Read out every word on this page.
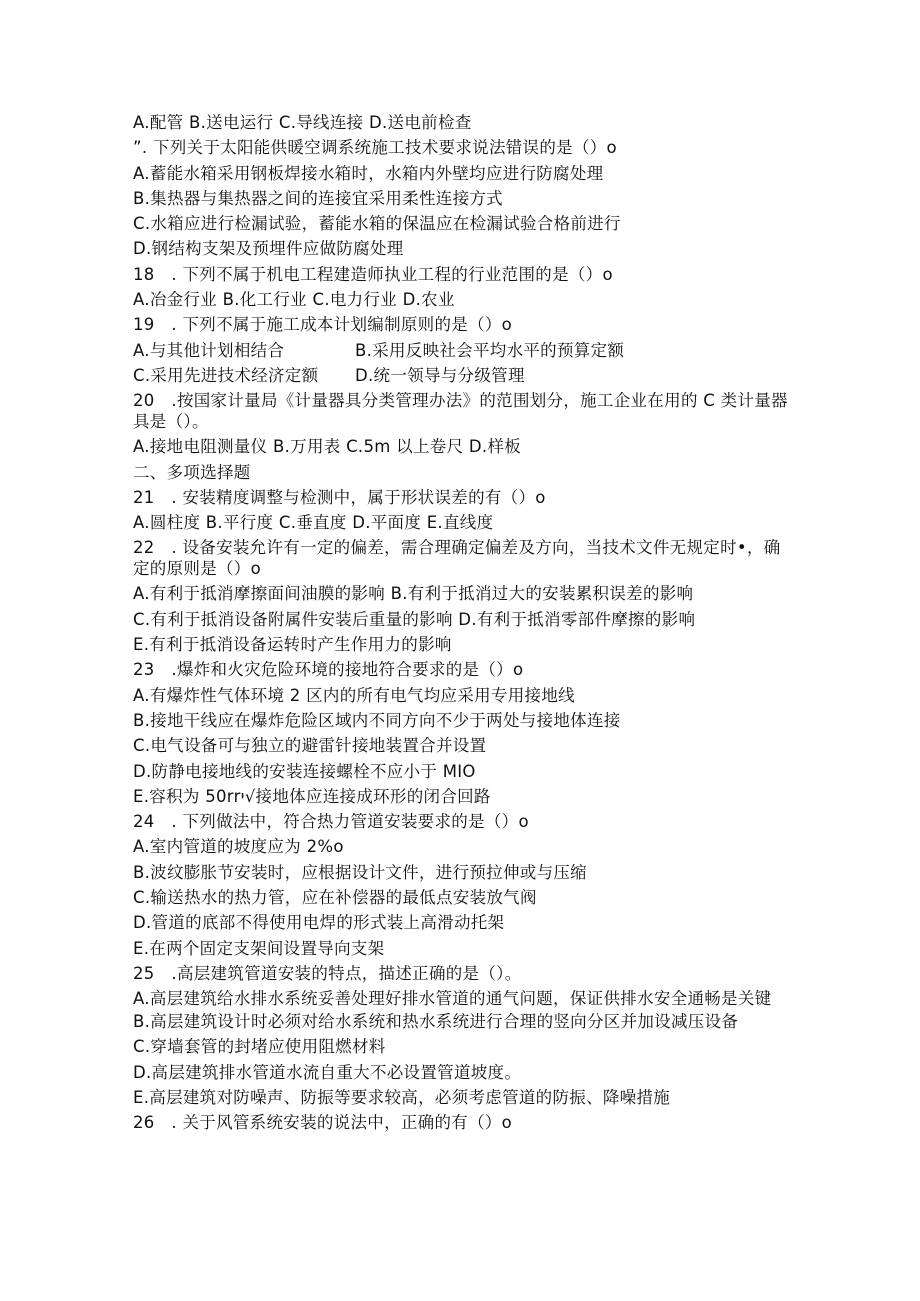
A.配管 B.送电运行 C.导线连接 D.送电前检查
”. 下列关于太阳能供暖空调系统施工技术要求说法错误的是（）o
A.蓄能水箱采用钢板焊接水箱时，水箱内外壁均应进行防腐处理
B.集热器与集热器之间的连接宜采用柔性连接方式
C.水箱应进行检漏试验，蓄能水箱的保温应在检漏试验合格前进行
D.钢结构支架及预埋件应做防腐处理
18　. 下列不属于机电工程建造师执业工程的行业范围的是（）o
A.冶金行业 B.化工行业 C.电力行业 D.农业
19　. 下列不属于施工成本计划编制原则的是（）o
A.与其他计划相结合	B.采用反映社会平均水平的预算定额
C.采用先进技术经济定额	D.统一领导与分级管理
20　.按国家计量局《计量器具分类管理办法》的范围划分，施工企业在用的 C 类计量器具是（）。
A.接地电阻测量仪 B.万用表 C.5m 以上卷尺 D.样板
二、多项选择题
21　. 安装精度调整与检测中，属于形状误差的有（）o
A.圆柱度 B.平行度 C.垂直度 D.平面度 E.直线度
22　. 设备安装允许有一定的偏差，需合理确定偏差及方向，当技术文件无规定时•，确定的原则是（）o
A.有利于抵消摩擦面间油膜的影响 B.有利于抵消过大的安装累积误差的影响
C.有利于抵消设备附属件安装后重量的影响 D.有利于抵消零部件摩擦的影响
E.有利于抵消设备运转时产生作用力的影响
23　.爆炸和火灾危险环境的接地符合要求的是（）o
A.有爆炸性气体环境 2 区内的所有电气均应采用专用接地线
B.接地干线应在爆炸危险区域内不同方向不少于两处与接地体连接
C.电气设备可与独立的避雷针接地装置合并设置
D.防静电接地线的安装连接螺栓不应小于 MIO
E.容积为 50rrי√接地体应连接成环形的闭合回路
24　. 下列做法中，符合热力管道安装要求的是（）o
A.室内管道的坡度应为 2%o
B.波纹膨胀节安装时，应根据设计文件，进行预拉伸或与压缩
C.输送热水的热力管，应在补偿器的最低点安装放气阀
D.管道的底部不得使用电焊的形式装上高滑动托架
E.在两个固定支架间设置导向支架
25　.高层建筑管道安装的特点，描述正确的是（）。
A.高层建筑给水排水系统妥善处理好排水管道的通气问题，保证供排水安全通畅是关键
B.高层建筑设计时必须对给水系统和热水系统进行合理的竖向分区并加设减压设备
C.穿墙套管的封堵应使用阻燃材料
D.高层建筑排水管道水流自重大不必设置管道坡度。
E.高层建筑对防噪声、防振等要求较高，必须考虑管道的防振、降噪措施
26　. 关于风管系统安装的说法中，正确的有（）o
